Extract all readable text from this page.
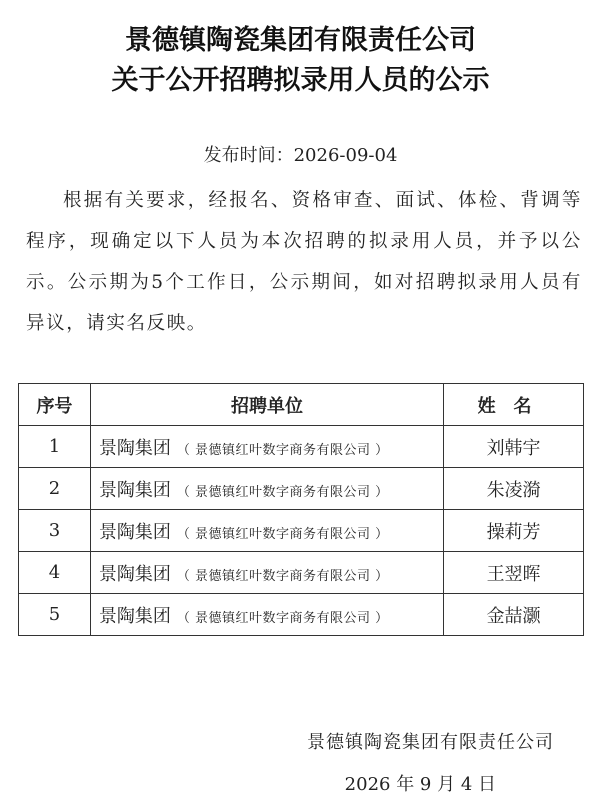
景德镇陶瓷集团有限责任公司
关于公开招聘拟录用人员的公示
发布时间：2026-09-04
根据有关要求，经报名、资格审查、面试、体检、背调等程序，现确定以下人员为本次招聘的拟录用人员，并予以公示。公示期为5个工作日，公示期间，如对招聘拟录用人员有异议，请实名反映。
序号	招聘单位	姓名
1	景陶集团 （ 景德镇红叶数字商务有限公司 ）	刘韩宇
2	景陶集团 （ 景德镇红叶数字商务有限公司 ）	朱凌漪
3	景陶集团 （ 景德镇红叶数字商务有限公司 ）	操莉芳
4	景陶集团 （ 景德镇红叶数字商务有限公司 ）	王翌晖
5	景陶集团 （ 景德镇红叶数字商务有限公司 ）	金喆灏
景德镇陶瓷集团有限责任公司
2026 年 9 月 4 日
